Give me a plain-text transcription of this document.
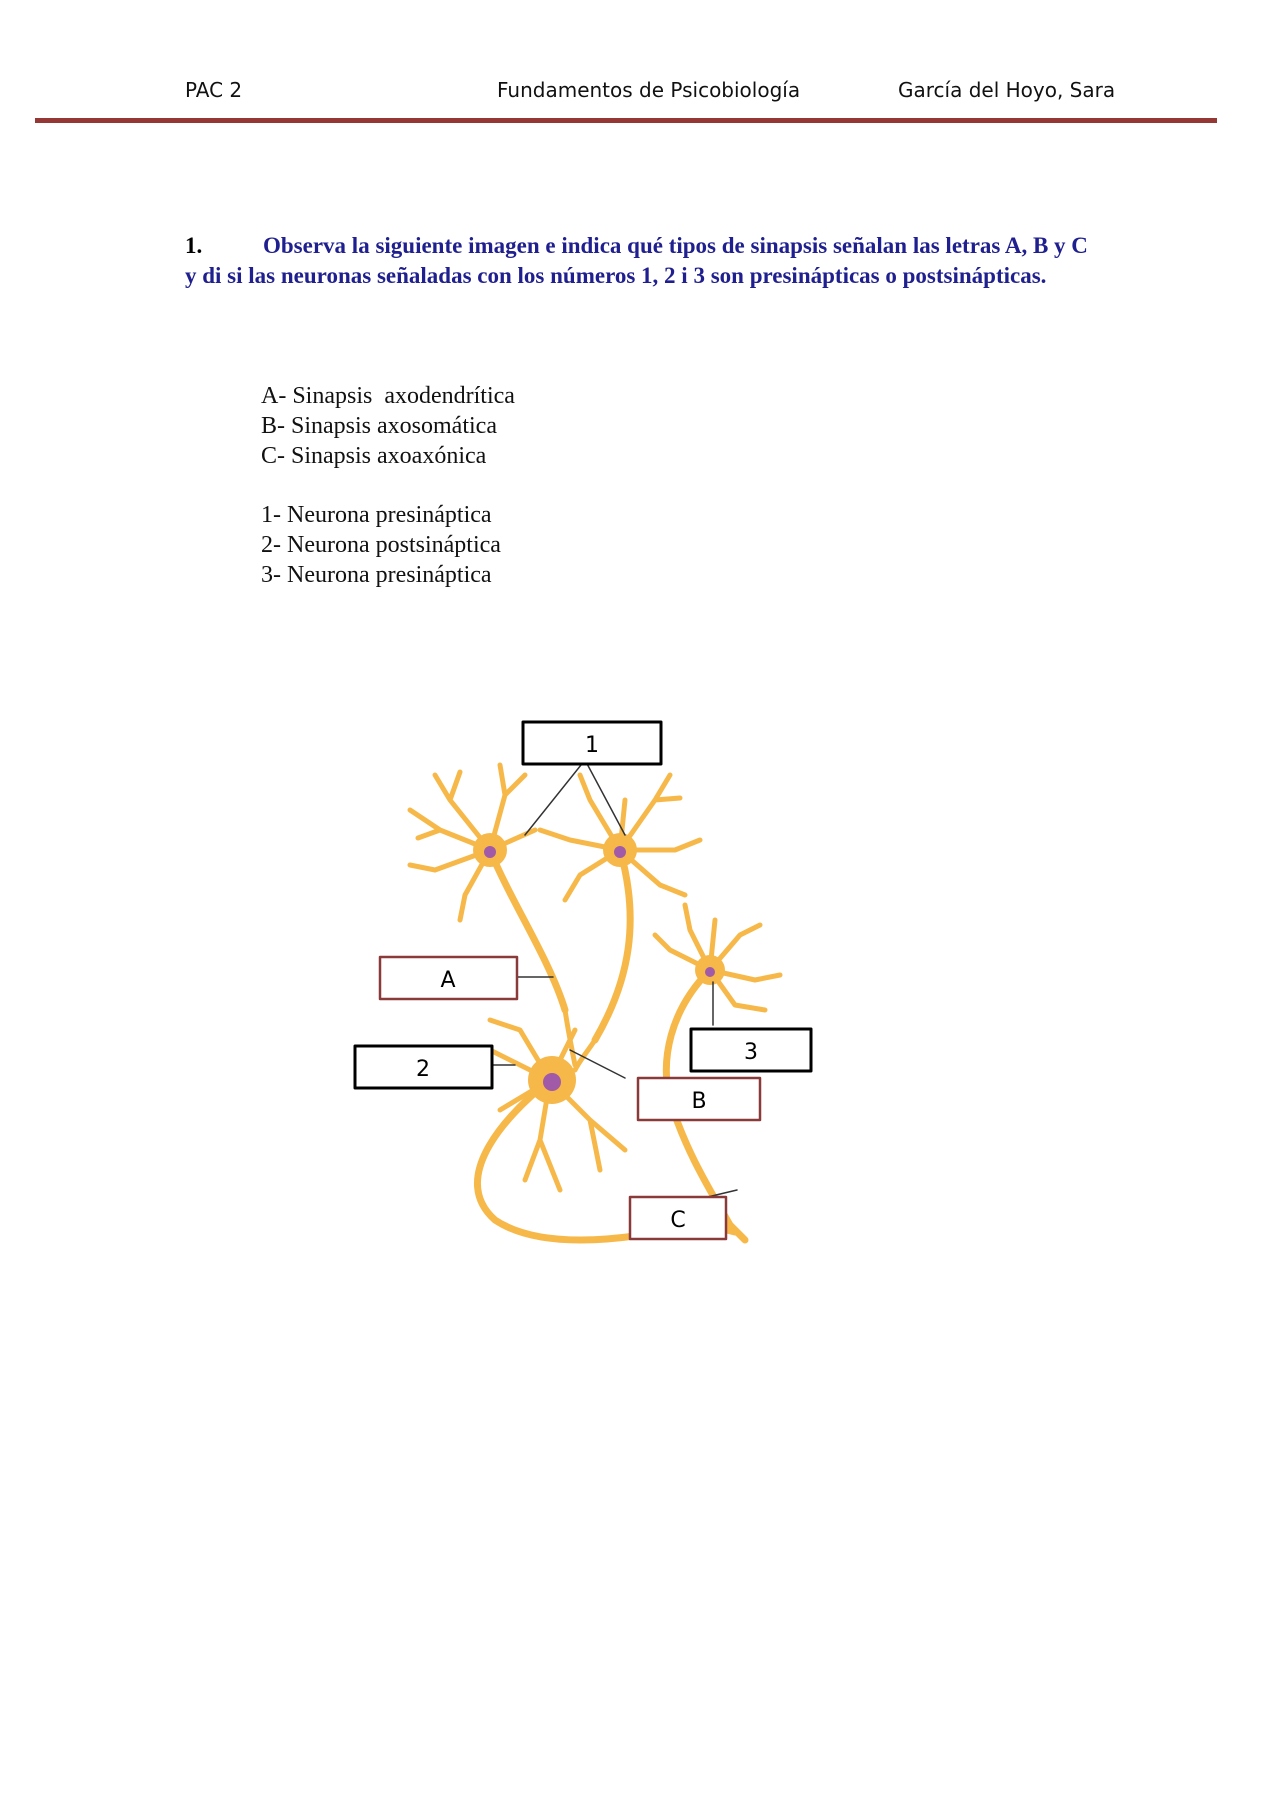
PAC 2	Fundamentos de Psicobiología	García del Hoyo, Sara
1.	Observa la siguiente imagen e indica qué tipos de sinapsis señalan las letras A, B y C y di si las neuronas señaladas con los números 1, 2 i 3 son presinápticas o postsinápticas.
A- Sinapsis  axodendrítica
B- Sinapsis axosomática
C- Sinapsis axoaxónica
1- Neurona presináptica
2- Neurona postsináptica
3- Neurona presináptica
1
A
2
3
B
C
